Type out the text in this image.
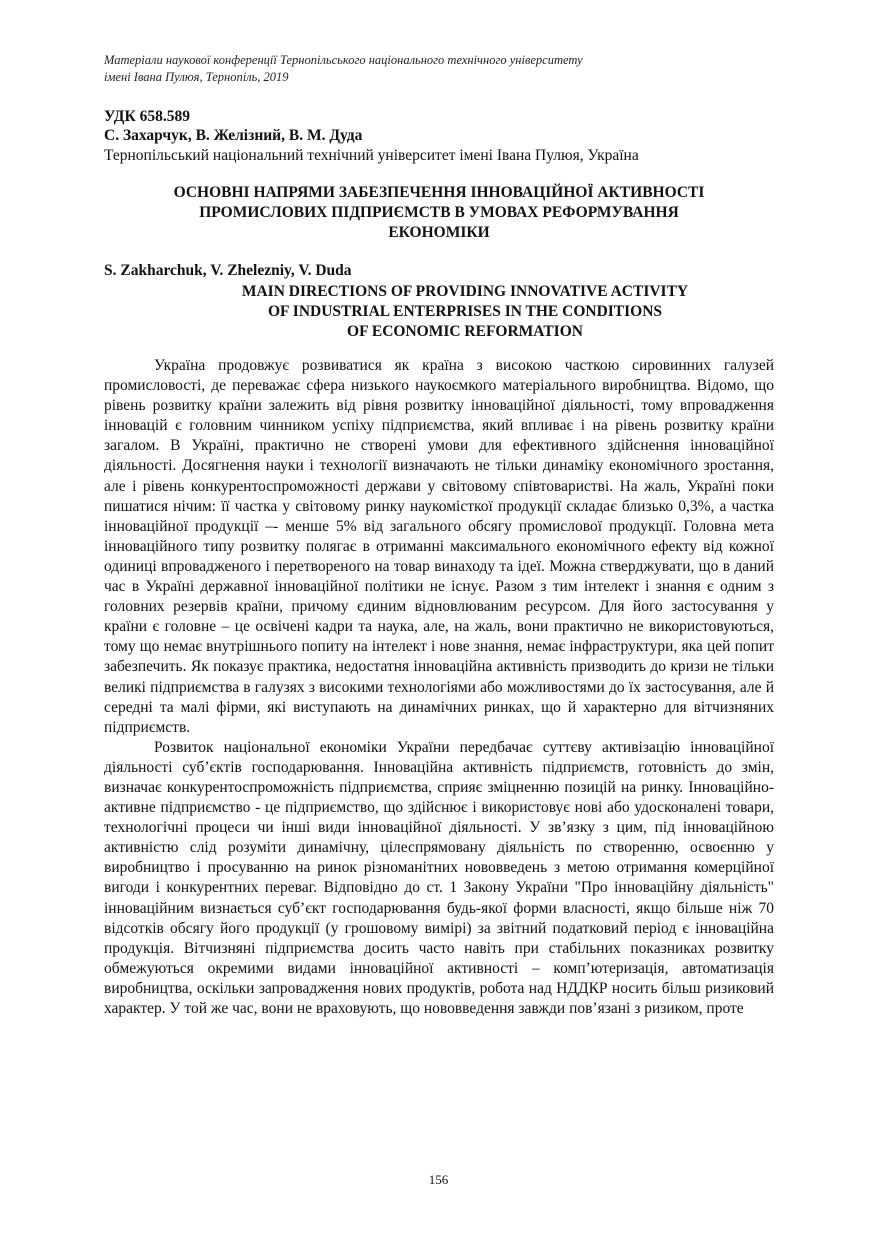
Матеріали наукової конференції Тернопільського національного технічного університету
імені Івана Пулюя, Тернопіль, 2019
УДК 658.589
С. Захарчук, В. Желізний, В. М. Дуда
Тернопільський національний технічний університет імені Івана Пулюя, Україна
ОСНОВНІ НАПРЯМИ ЗАБЕЗПЕЧЕННЯ ІННОВАЦІЙНОЇ АКТИВНОСТІ
ПРОМИСЛОВИХ ПІДПРИЄМСТВ В УМОВАХ РЕФОРМУВАННЯ
ЕКОНОМІКИ
S. Zakharchuk, V. Zhelezniy, V. Duda
MAIN DIRECTIONS OF PROVIDING INNOVATIVE ACTIVITY
OF INDUSTRIAL ENTERPRISES IN THE CONDITIONS
OF ECONOMIC REFORMATION

Україна продовжує розвиватися як країна з високою часткою сировинних галузей промисловості, де переважає сфера низького наукоємкого матеріального виробництва. Відомо, що рівень розвитку країни залежить від рівня розвитку інноваційної діяльності, тому впровадження інновацій є головним чинником успіху підприємства, який впливає і на рівень розвитку країни загалом. В Україні, практично не створені умови для ефективного здійснення інноваційної діяльності. Досягнення науки і технології визначають не тільки динаміку економічного зростання, але і рівень конкурентоспроможності держави у світовому співтоваристві. На жаль, Україні поки пишатися нічим: її частка у світовому ринку наукомісткої продукції складає близько 0,3%, а частка інноваційної продукції –- менше 5% від загального обсягу промислової продукції. Головна мета інноваційного типу розвитку полягає в отриманні максимального економічного ефекту від кожної одиниці впровадженого і перетвореного на товар винаходу та ідеї. Можна стверджувати, що в даний час в Україні державної інноваційної політики не існує. Разом з тим інтелект і знання є одним з головних резервів країни, причому єдиним відновлюваним ресурсом. Для його застосування у країни є головне – це освічені кадри та наука, але, на жаль, вони практично не використовуються, тому що немає внутрішнього попиту на інтелект і нове знання, немає інфраструктури, яка цей попит забезпечить. Як показує практика, недостатня інноваційна активність призводить до кризи не тільки великі підприємства в галузях з високими технологіями або можливостями до їх застосування, але й середні та малі фірми, які виступають на динамічних ринках, що й характерно для вітчизняних підприємств.

Розвиток національної економіки України передбачає суттєву активізацію інноваційної діяльності суб’єктів господарювання. Інноваційна активність підприємств, готовність до змін, визначає конкурентоспроможність підприємства, сприяє зміцненню позицій на ринку. Інноваційно-активне підприємство - це підприємство, що здійснює і використовує нові або удосконалені товари, технологічні процеси чи інші види інноваційної діяльності. У зв’язку з цим, під інноваційною активністю слід розуміти динамічну, цілеспрямовану діяльність по створенню, освоєнню у виробництво і просуванню на ринок різноманітних нововведень з метою отримання комерційної вигоди і конкурентних переваг. Відповідно до ст. 1 Закону України "Про інноваційну діяльність" інноваційним визнається суб’єкт господарювання будь-якої форми власності, якщо більше ніж 70 відсотків обсягу його продукції (у грошовому вимірі) за звітний податковий період є інноваційна продукція. Вітчизняні підприємства досить часто навіть при стабільних показниках розвитку обмежуються окремими видами інноваційної активності – комп’ютеризація, автоматизація виробництва, оскільки запровадження нових продуктів, робота над НДДКР носить більш ризиковий характер. У той же час, вони не враховують, що нововведення завжди пов’язані з ризиком, проте

156
